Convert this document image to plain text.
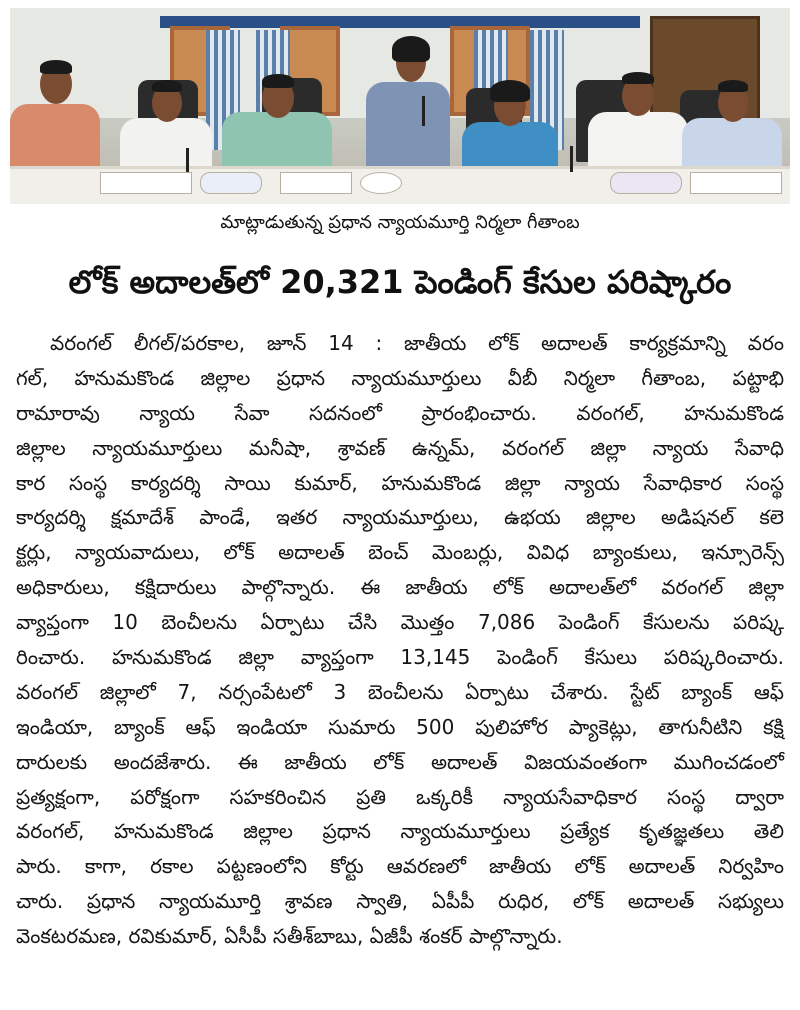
మాట్లాడుతున్న ప్రధాన న్యాయమూర్తి నిర్మలా గీతాంబ
లోక్ అదాలత్‌లో 20,321 పెండింగ్ కేసుల పరిష్కారం
వరంగల్ లీగల్/పరకాల, జూన్ 14 : జాతీయ లోక్ అదాలత్ కార్యక్రమాన్ని వరం
గల్, హనుమకొండ జిల్లాల ప్రధాన న్యాయమూర్తులు వీబీ నిర్మలా గీతాంబ, పట్టాభి
రామారావు న్యాయ సేవా సదనంలో ప్రారంభించారు. వరంగల్, హనుమకొండ
జిల్లాల న్యాయమూర్తులు మనీషా, శ్రావణ్ ఉన్నమ్, వరంగల్ జిల్లా న్యాయ సేవాధి
కార సంస్థ కార్యదర్శి సాయి కుమార్, హనుమకొండ జిల్లా న్యాయ సేవాధికార సంస్థ
కార్యదర్శి క్షమాదేశ్ పాండే, ఇతర న్యాయమూర్తులు, ఉభయ జిల్లాల అడిషనల్ కలె
క్టర్లు, న్యాయవాదులు, లోక్ అదాలత్ బెంచ్ మెంబర్లు, వివిధ బ్యాంకులు, ఇన్సూరెన్స్
అధికారులు, కక్షిదారులు పాల్గొన్నారు. ఈ జాతీయ లోక్ అదాలత్‌లో వరంగల్ జిల్లా
వ్యాప్తంగా 10 బెంచీలను ఏర్పాటు చేసి మొత్తం 7,086 పెండింగ్ కేసులను పరిష్క
రించారు. హనుమకొండ జిల్లా వ్యాప్తంగా 13,145 పెండింగ్ కేసులు పరిష్కరించారు.
వరంగల్ జిల్లాలో 7, నర్సంపేటలో 3 బెంచీలను ఏర్పాటు చేశారు. స్టేట్ బ్యాంక్ ఆఫ్
ఇండియా, బ్యాంక్ ఆఫ్ ఇండియా సుమారు 500 పులిహోర ప్యాకెట్లు, తాగునీటిని కక్షి
దారులకు అందజేశారు. ఈ జాతీయ లోక్ అదాలత్ విజయవంతంగా ముగించడంలో
ప్రత్యక్షంగా, పరోక్షంగా సహకరించిన ప్రతి ఒక్కరికీ న్యాయసేవాధికార సంస్థ ద్వారా
వరంగల్, హనుమకొండ జిల్లాల ప్రధాన న్యాయమూర్తులు ప్రత్యేక కృతజ్ఞతలు తెలి
పారు. కాగా, రకాల పట్టణంలోని కోర్టు ఆవరణలో జాతీయ లోక్ అదాలత్ నిర్వహిం
చారు. ప్రధాన న్యాయమూర్తి శ్రావణ స్వాతి, ఏపీపీ రుధిర, లోక్ అదాలత్ సభ్యులు
వెంకటరమణ, రవికుమార్, ఏసీపీ సతీశ్‌బాబు, ఏజీపీ శంకర్ పాల్గొన్నారు.
